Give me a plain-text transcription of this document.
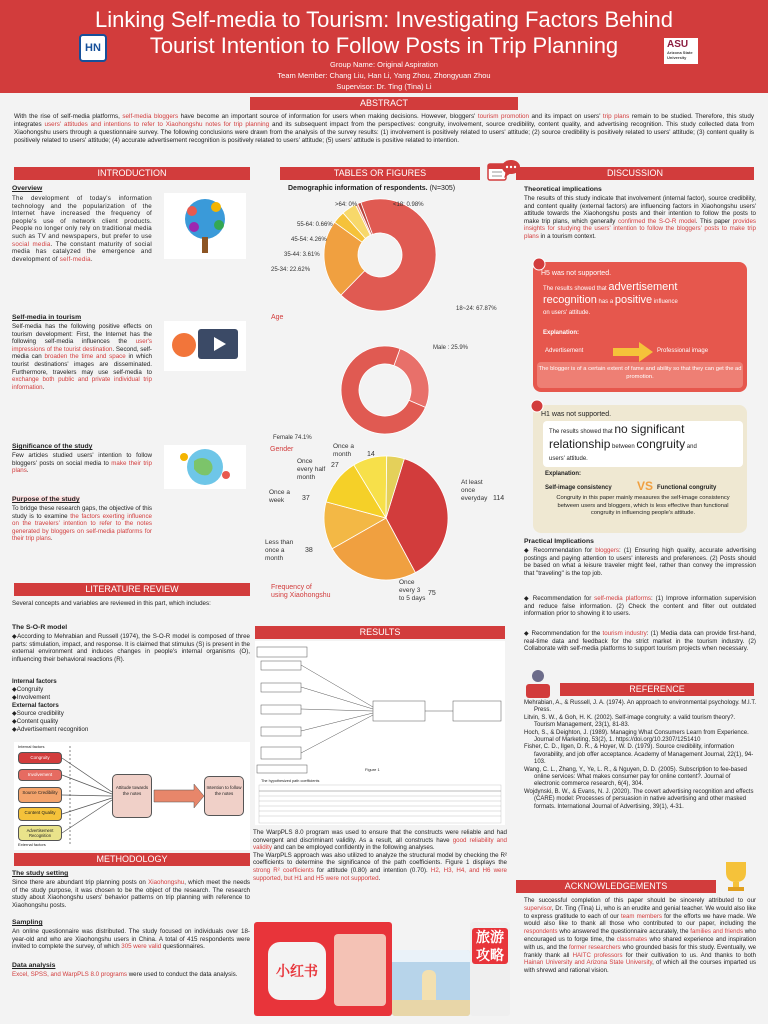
Linking Self-media to Tourism: Investigating Factors Behind
Tourist Intention to Follow Posts in Trip Planning
Group Name: Original Aspiration
Team Member: Chang Liu, Han Li, Yang Zhou, Zhongyuan Zhou
Supervisor: Dr. Ting (Tina) Li
HN	ASU
Arizona State University
ABSTRACT
With the rise of self-media platforms, self-media bloggers have become an important source of information for users when making decisions. However, bloggers' tourism promotion and its impact on users' trip plans remain to be studied. Therefore, this study integrates users' attitudes and intentions to refer to Xiaohongshu notes for trip planning and its subsequent impact from the perspectives: congruity, involvement, source credibility, content quality, and advertising recognition. This study collected data from Xiaohongshu users through a questionnaire survey. The following conclusions were drawn from the analysis of the survey results: (1) involvement is positively related to users' attitude; (2) source credibility is positively related to users' attitude; (3) content quality is positively related to users' attitude; (4) accurate advertisement recognition is positively related to users' attitude; (5) users' attitude is positive related to intention.
INTRODUCTION
Overview
The development of today's information technology and the popularization of the Internet have increased the frequency of people's use of network client products. People no longer only rely on traditional media such as TV and newspapers, but prefer to use social media. The constant maturity of social media has catalyzed the emergence and development of self-media.
Self-media in tourism
Self-media has the following positive effects on tourism development: First, the Internet has the following self-media influences the user's impressions of the tourist destination. Second, self-media can broaden the time and space in which tourist destinations' images are disseminated. Furthermore, travelers may use self-media to exchange both public and private individual trip information.
Significance of the study
Few articles studied users' intention to follow bloggers' posts on social media to make their trip plans.
Purpose of the study
To bridge these research gaps, the objective of this study is to examine the factors exerting influence on the travelers' intention to refer to the notes generated by bloggers on self-media platforms for their trip plans.
LITERATURE REVIEW
Several concepts and variables are reviewed in this part, which includes:
The S-O-R model
◆According to Mehrabian and Russell (1974), the S-O-R model is composed of three parts: stimulation, impact, and response. It is claimed that stimulus (S) is present in the external environment and induces changes in people's internal organisms (O), influencing their behavioral reactions (R).
Internal factors
◆Congruity
◆Involvement
External factors
◆Source credibility
◆Content quality
◆Advertisement recognition
Internal factors
Congruity
Involvement
Source Credibility
Content Quality
Advertisement Recognition
External factors
Attitude towards the notes
Intention to follow the notes
METHODOLOGY
The study setting
Since there are abundant trip planning posts on Xiaohongshu, which meet the needs of the study purpose, it was chosen to be the object of the research. The research study about Xiaohongshu users' behavior patterns on trip planning with reference to Xiaohongshu posts.
Sampling
An online questionnaire was distributed. The study focused on individuals over 18-year-old and who are Xiaohongshu users in China. A total of 415 respondents were invited to complete the survey, of which 305 were valid questionnaires.
Data analysis
Excel, SPSS, and WarpPLS 8.0 programs were used to conduct the data analysis.
TABLES OR FIGURES
Demographic information of respondents. (N=305)
>64: 0%	<18: 0.98%
55-64: 0.66%
45-54: 4.26%
35-44: 3.61%
25-34: 22.62%
18~24: 67.87%
Male : 25.9%
Female 74.1%
At least
once
everyday 114
Once
every 3
to 5 days
75
Less than
once a
month
38
Once a
week	37
Once
every half
month
27
Once a
month 14
Age
Gender
Frequency of
using Xiaohongshu
RESULTS
Figure 1
The hypothesized path coefficients
The WarpPLS 8.0 program was used to ensure that the constructs were reliable and had convergent and discriminant validity. As a result, all constructs have good reliability and validity and can be employed confidently in the following analyses.
The WarpPLS approach was also utilized to analyze the structural model by checking the R² coefficients to determine the significance of the path coefficients. Figure 1 displays the strong R² coefficients for attitude (0.80) and intention (0.70). H2, H3, H4, and H6 were supported, but H1 and H5 were not supported.
小红书
旅游攻略
DISCUSSION
Theoretical implications
The results of this study indicate that involvement (internal factor), source credibility, and content quality (external factors) are influencing factors in Xiaohongshu users' attitude towards the Xiaohongshu posts and their intention to follow the posts to make trip plans, which generally confirmed the S-O-R model. This paper provides insights for studying the users' intention to follow the bloggers' posts to make trip plans in a tourism context.
H5 was not supported.
The results showed that advertisement
recognition has a positive influence
on users' attitude.
Explanation:
Advertisement	Professional image
The blogger is of a certain extent of fame and ability so that they can get the ad promotion.
H1 was not supported.
The results showed that no significant
relationship between congruity and
users' attitude.
Explanation:
Self-image consistency VS Functional congruity
Congruity in this paper mainly measures the self-image consistency between users and bloggers, which is less effective than functional congruity in influencing people's attitude.
Practical Implications
◆ Recommendation for bloggers: (1) Ensuring high quality, accurate advertising postings and paying attention to users' interests and preferences. (2) Posts should be based on what a leisure traveler might feel, rather than convey the impression that "traveling" is the top job.
◆ Recommendation for self-media platforms: (1) Improve information supervision and reduce false information. (2) Check the content and filter out outdated information prior to showing it to users.
◆ Recommendation for the tourism industry: (1) Media data can provide first-hand, real-time data and feedback for the strict market in the tourism industry. (2) Collaborate with self-media platforms to support tourism projects when necessary.
REFERENCE
Mehrabian, A., & Russell, J. A. (1974). An approach to environmental psychology. M.I.T. Press.
Litvin, S. W., & Goh, H. K. (2002). Self-image congruity: a valid tourism theory?. Tourism Management, 23(1), 81-83.
Hoch, S., & Deighton, J. (1989). Managing What Consumers Learn from Experience. Journal of Marketing, 53(2), 1. https://doi.org/10.2307/1251410
Fisher, C. D., Ilgen, D. R., & Hoyer, W. D. (1979). Source credibility, information favorability, and job offer acceptance. Academy of Management Journal, 22(1), 94-103.
Wang, C. L., Zhang, Y., Ye, L. R., & Nguyen, D. D. (2005). Subscription to fee-based online services: What makes consumer pay for online content?. Journal of electronic commerce research, 6(4), 304.
Wojdynski, B. W., & Evans, N. J. (2020). The covert advertising recognition and effects (CARE) model: Processes of persuasion in native advertising and other masked formats. International Journal of Advertising, 39(1), 4-31.
ACKNOWLEDGEMENTS
The successful completion of this paper should be sincerely attributed to our supervisor, Dr. Ting (Tina) Li, who is an erudite and genial teacher. We would also like to express gratitude to each of our team members for the efforts we have made. We would also like to thank all those who contributed to our paper, including the respondents who answered the questionnaire accurately, the families and friends who encouraged us to forge time, the classmates who shared experience and inspiration with us, and the former researchers who grounded basis for this study. Eventually, we frankly thank all HAITC professors for their cultivation to us. And thanks to both Hainan University and Arizona State University, of which all the courses imparted us with shrewd and rational vision.
